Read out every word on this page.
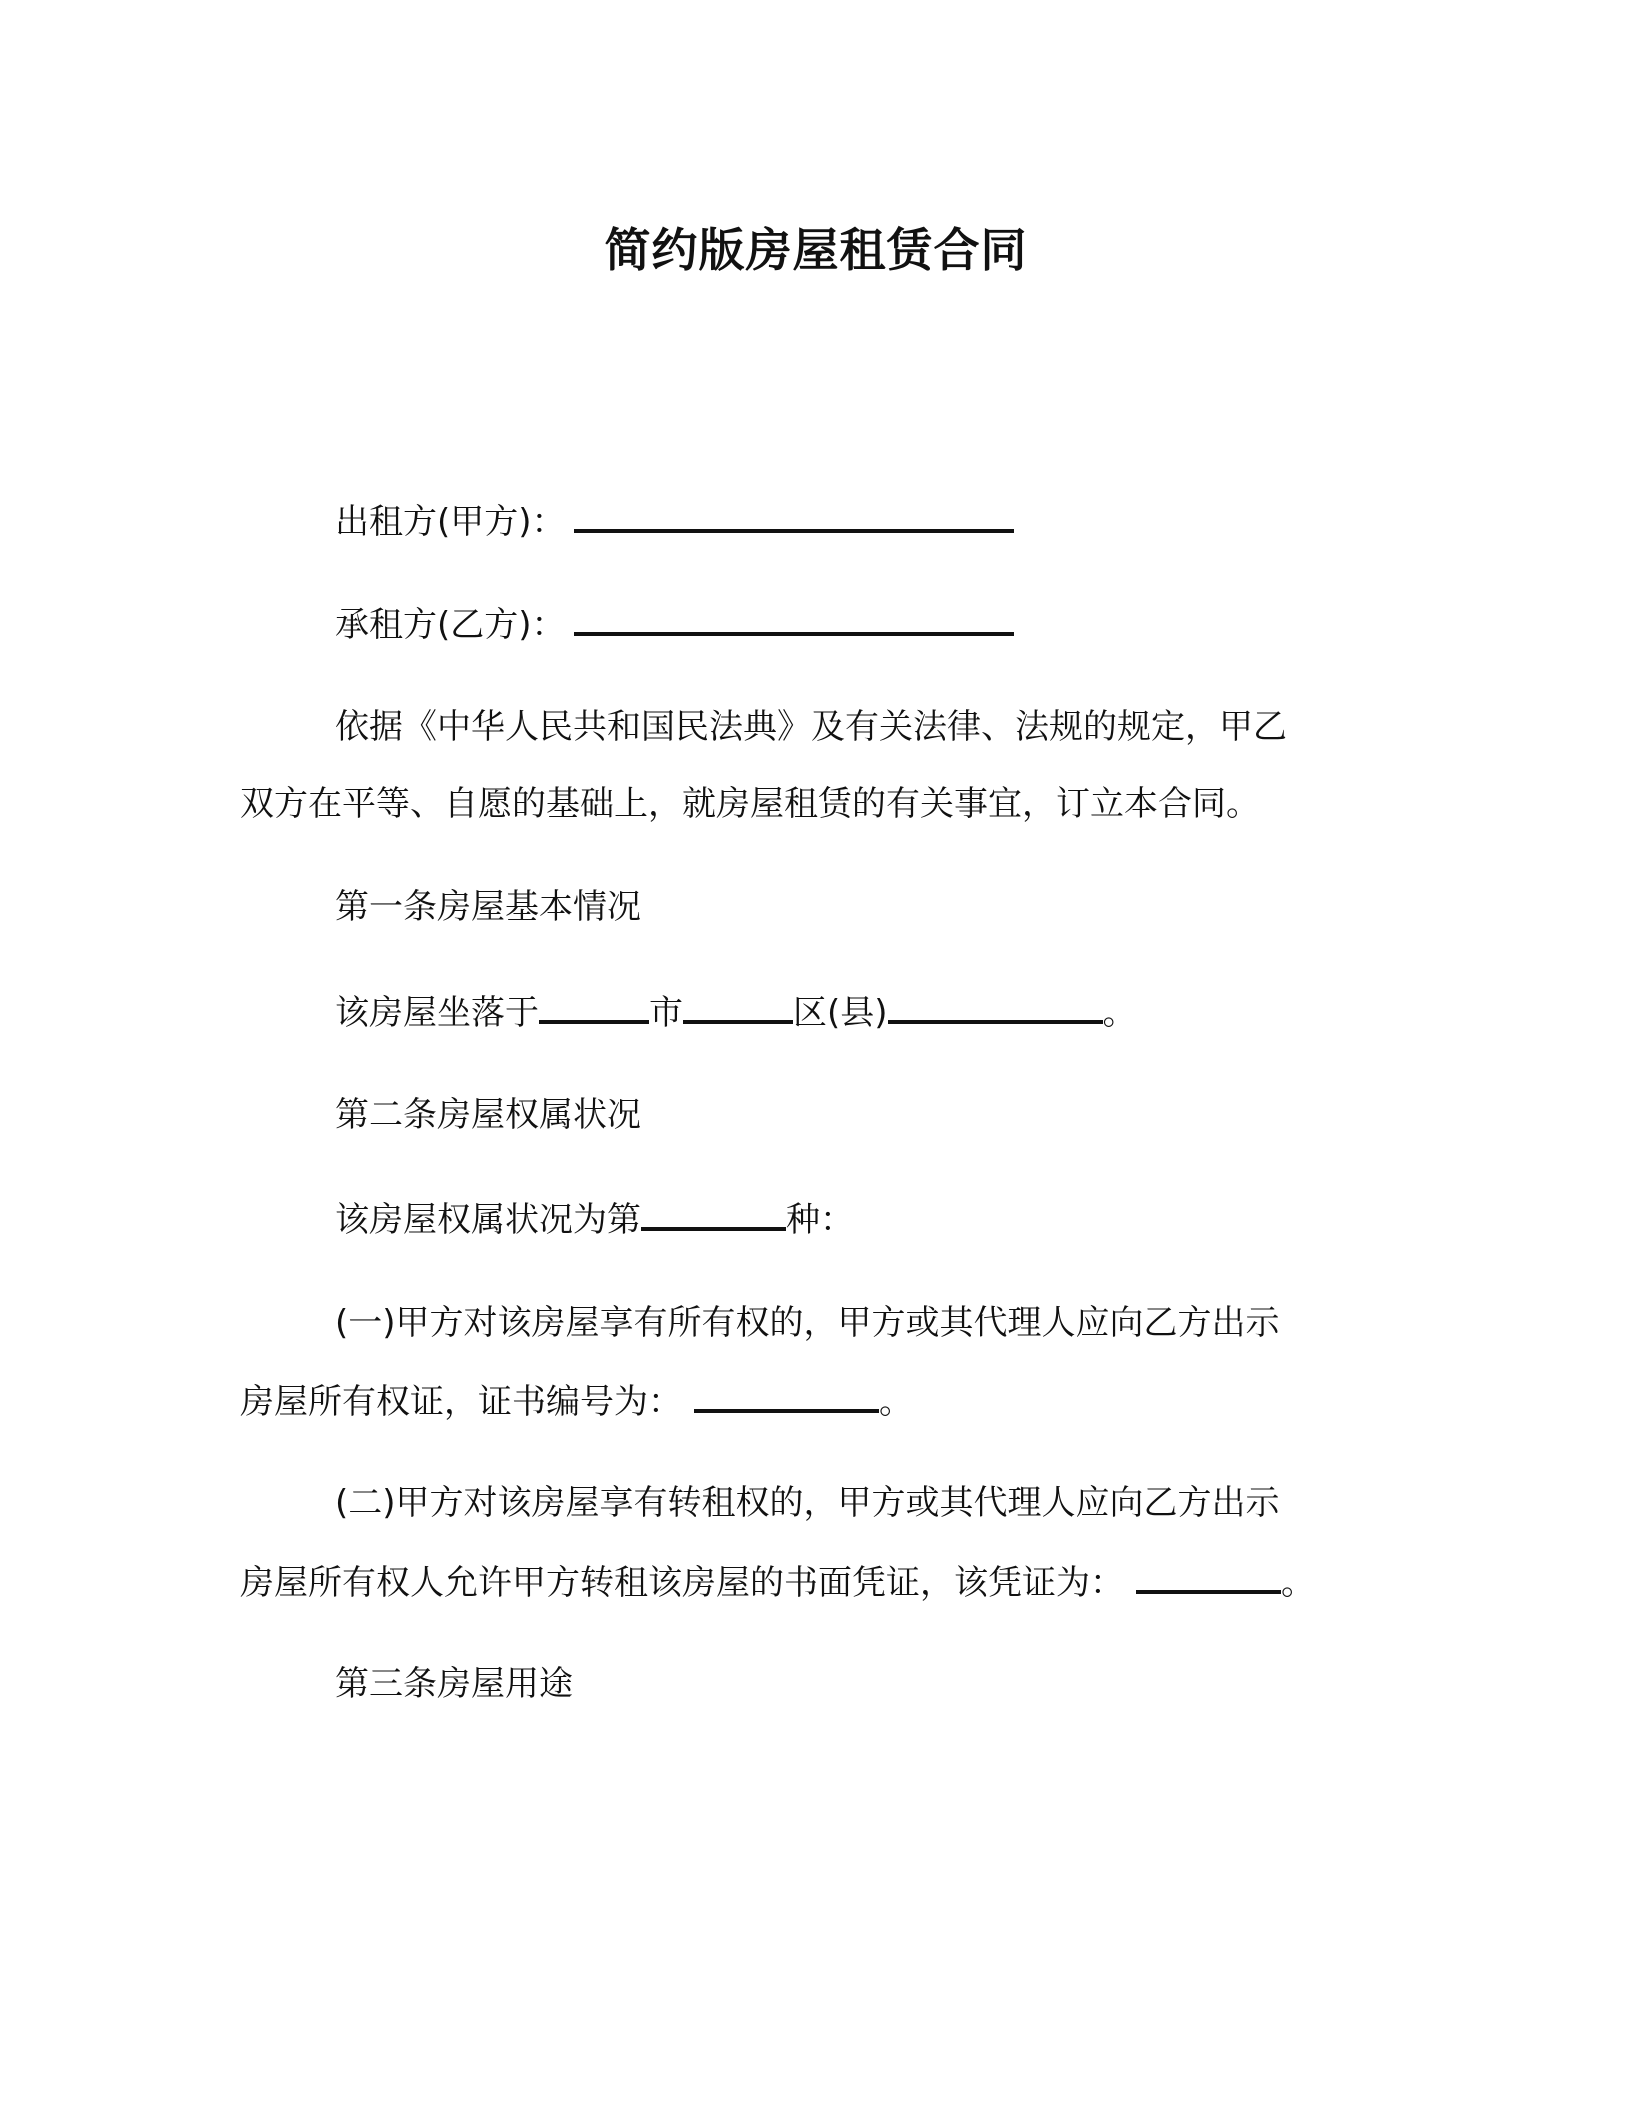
简约版房屋租赁合同
出租方(甲方)：
承租方(乙方)：
依据《中华人民共和国民法典》及有关法律、法规的规定，甲乙
双方在平等、自愿的基础上，就房屋租赁的有关事宜，订立本合同。
第一条房屋基本情况
该房屋坐落于	市	区(县)	。
第二条房屋权属状况
该房屋权属状况为第	种：
(一)甲方对该房屋享有所有权的，甲方或其代理人应向乙方出示
房屋所有权证，证书编号为：	。
(二)甲方对该房屋享有转租权的，甲方或其代理人应向乙方出示
房屋所有权人允许甲方转租该房屋的书面凭证，该凭证为：	。
第三条房屋用途
